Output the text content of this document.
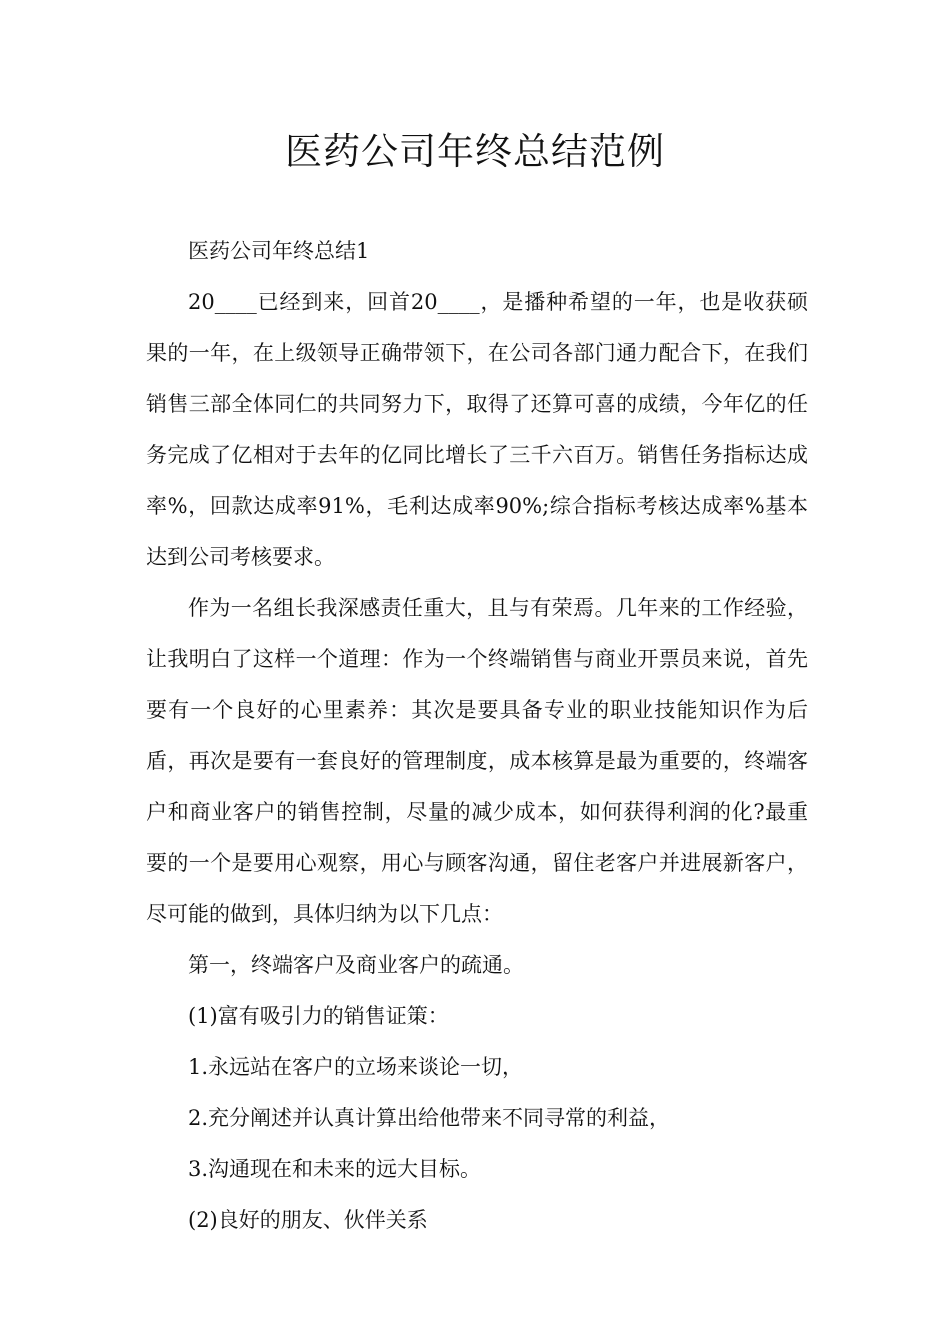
医药公司年终总结范例

医药公司年终总结1

20____已经到来，回首20____，是播种希望的一年，也是收获硕果的一年，在上级领导正确带领下，在公司各部门通力配合下，在我们销售三部全体同仁的共同努力下，取得了还算可喜的成绩，今年亿的任务完成了亿相对于去年的亿同比增长了三千六百万。销售任务指标达成率%，回款达成率91%，毛利达成率90%;综合指标考核达成率%基本达到公司考核要求。

作为一名组长我深感责任重大，且与有荣焉。几年来的工作经验，让我明白了这样一个道理：作为一个终端销售与商业开票员来说，首先要有一个良好的心里素养：其次是要具备专业的职业技能知识作为后盾，再次是要有一套良好的管理制度，成本核算是最为重要的，终端客户和商业客户的销售控制，尽量的减少成本，如何获得利润的化?最重要的一个是要用心观察，用心与顾客沟通，留住老客户并进展新客户，尽可能的做到，具体归纳为以下几点：

第一，终端客户及商业客户的疏通。

(1)富有吸引力的销售证策：

1.永远站在客户的立场来谈论一切，

2.充分阐述并认真计算出给他带来不同寻常的利益，

3.沟通现在和未来的远大目标。

(2)良好的朋友、伙伴关系
